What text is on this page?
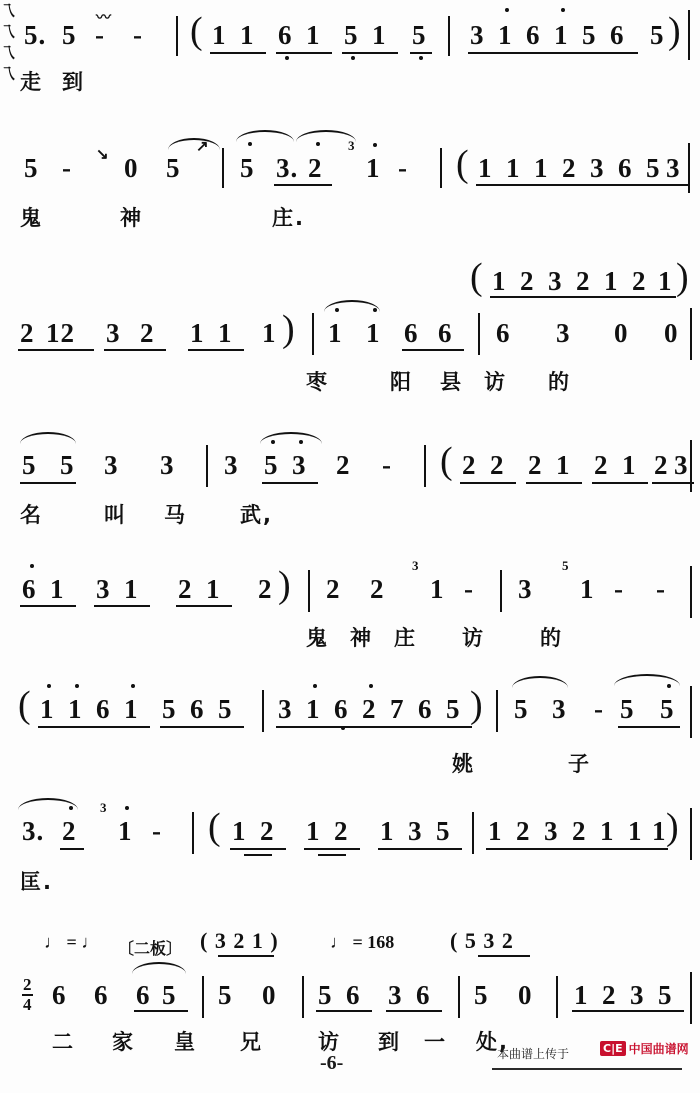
5. 5
〰
- - ( 1 1 6 1 5 1 5 3 1 6 1 5 6 5 )
走 到
5 - ↘ 0 5
↗
5 3. 2
3
乁
1 - ( 1 1 1 2 3 6 5 3
鬼	神	庄.
( 1 2 3 2 1 2 1 )
2 12 3 2 1 1 1 ) 1 1 6 6 6 3 0 0
枣	阳 县 访 的
5 5 3 3 3 5 3 2 - ( 2 2 2 1 2 1 2 3
名	叫 马	武,
6 1 3 1 2 1 2 ) 2 2
3
乁
1 - 3
5
乁
1 - -
鬼 神 庄 访	的
( 1 1 6 1 5 6 5 3 1 6 2 7 6 5 ) 5 3 - 5 5
姚	子
3. 2
3
乁
1 - ( 1 2 1 2 1 3 5 1 2 3 2 1 1 1 )
匡.
♩ = ♩ 〔二板〕 ( 3 2 1 )	♩ = 168	( 5 3 2
2
4 6 6 6 5 5 0 5 6 3 6 5 0 1 2 3 5
二 家 皇 兄	访 到 一 处,
-6-	本曲谱上传于	C|E 中国曲谱网
